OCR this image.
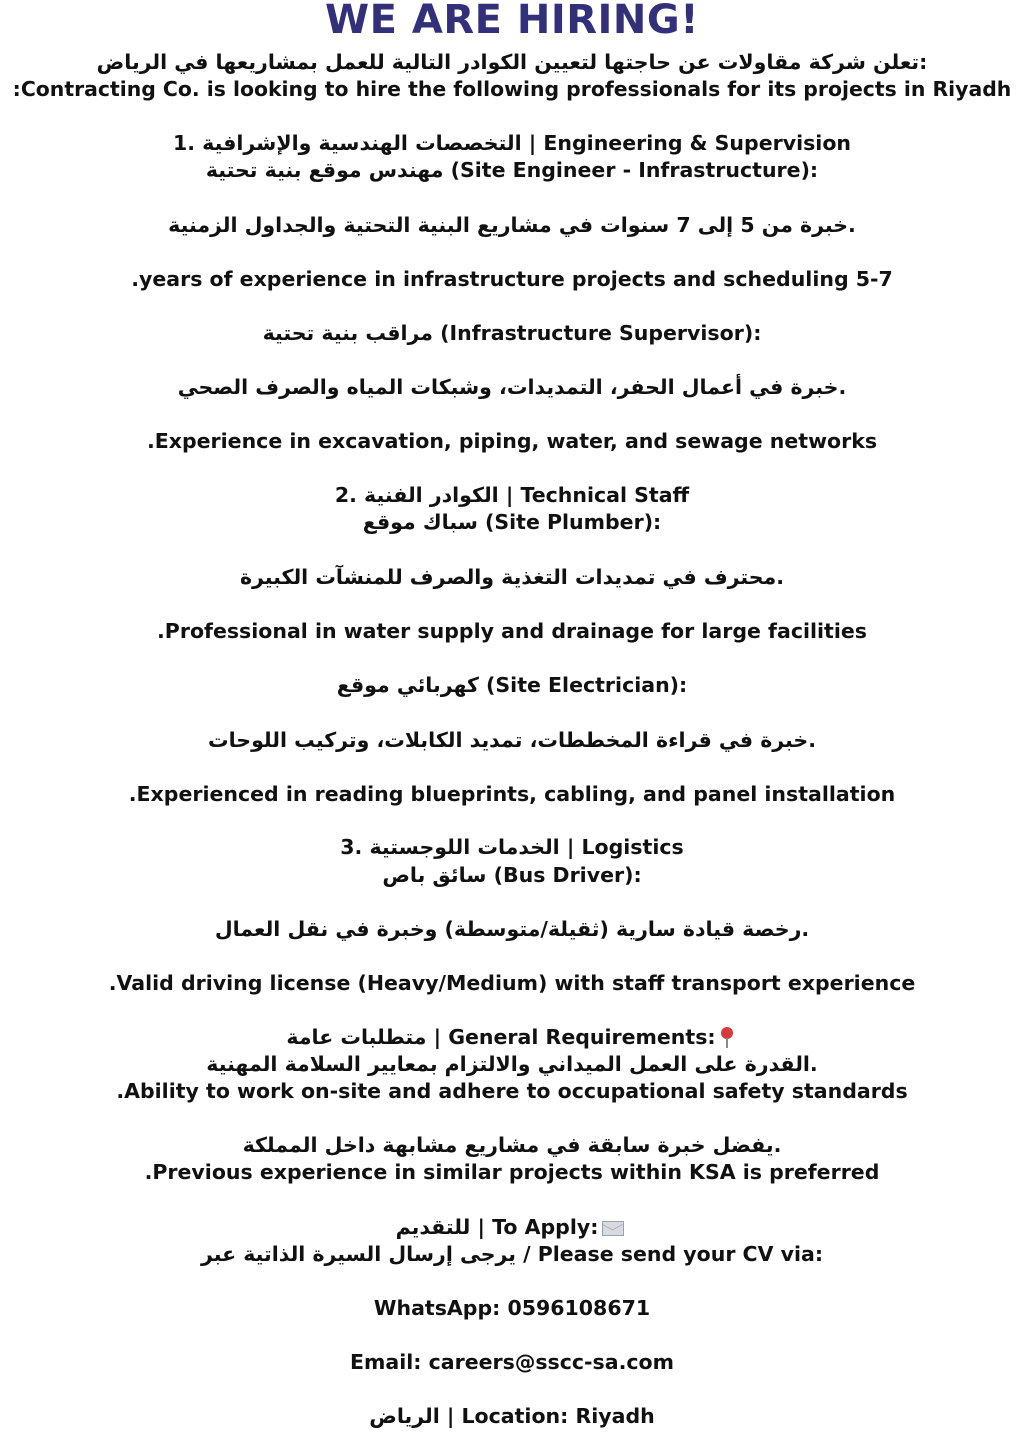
WE ARE HIRING!
تعلن شركة مقاولات عن حاجتها لتعيين الكوادر التالية للعمل بمشاريعها في الرياض:
:Contracting Co. is looking to hire the following professionals for its projects in Riyadh
1. التخصصات الهندسية والإشرافية | Engineering & Supervision
مهندس موقع بنية تحتية (Site Engineer - Infrastructure):
خبرة من 5 إلى 7 سنوات في مشاريع البنية التحتية والجداول الزمنية.
.years of experience in infrastructure projects and scheduling 5-7
مراقب بنية تحتية (Infrastructure Supervisor):
خبرة في أعمال الحفر، التمديدات، وشبكات المياه والصرف الصحي.
.Experience in excavation, piping, water, and sewage networks
2. الكوادر الفنية | Technical Staff
سباك موقع (Site Plumber):
محترف في تمديدات التغذية والصرف للمنشآت الكبيرة.
.Professional in water supply and drainage for large facilities
كهربائي موقع (Site Electrician):
خبرة في قراءة المخططات، تمديد الكابلات، وتركيب اللوحات.
.Experienced in reading blueprints, cabling, and panel installation
3. الخدمات اللوجستية | Logistics
سائق باص (Bus Driver):
رخصة قيادة سارية (ثقيلة/متوسطة) وخبرة في نقل العمال.
.Valid driving license (Heavy/Medium) with staff transport experience
متطلبات عامة | General Requirements:
القدرة على العمل الميداني والالتزام بمعايير السلامة المهنية.
.Ability to work on-site and adhere to occupational safety standards
يفضل خبرة سابقة في مشاريع مشابهة داخل المملكة.
.Previous experience in similar projects within KSA is preferred
للتقديم | To Apply:
يرجى إرسال السيرة الذاتية عبر / Please send your CV via:
WhatsApp: 0596108671
Email: careers@sscc-sa.com
الرياض | Location: Riyadh
